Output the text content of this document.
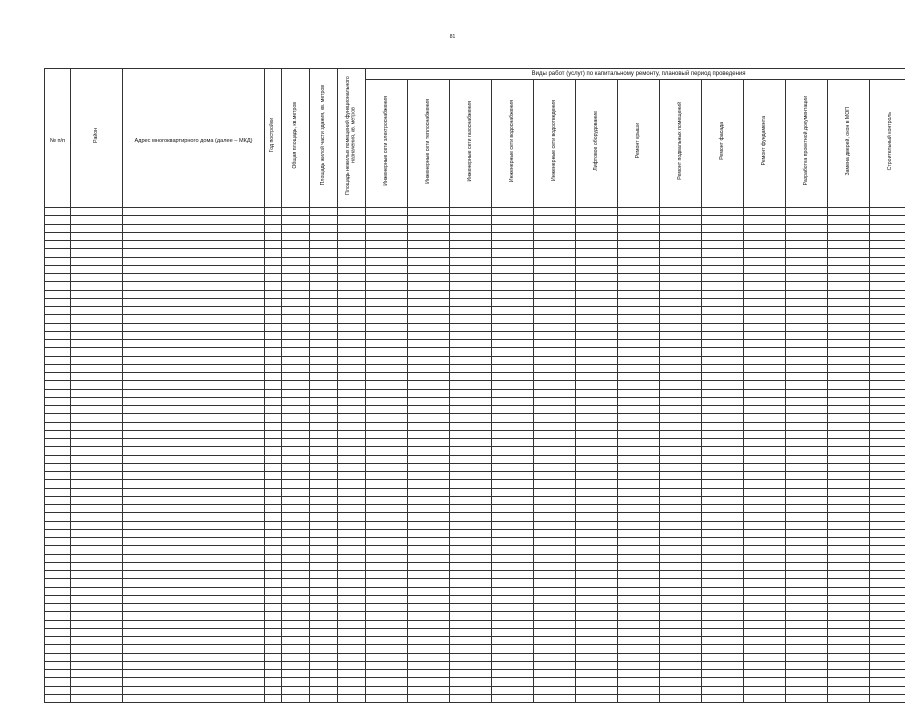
81
№ п/п	Район	Адрес многоквартирного дома (далее – МКД)	Год постройки	Общая площадь, кв.метров	Площадь жилой части здания, кв. метров	Площадь нежилых помещений функционального назначения, кв. метров	Виды работ (услуг) по капитальному ремонту, плановый период проведения												
							Инженерные сети электроснабжения	Инженерные сети теплоснабжения	Инженерные сети газоснабжения	Инженерные сети водоснабжения	Инженерные сети водоотведения	Лифтовое оборудование	Ремонт крыши	Ремонт подвальных помещений	Ремонт фасада	Ремонт фундамента	Разработка проектной документации	Замена дверей, окон в МОП	Строительный контроль
